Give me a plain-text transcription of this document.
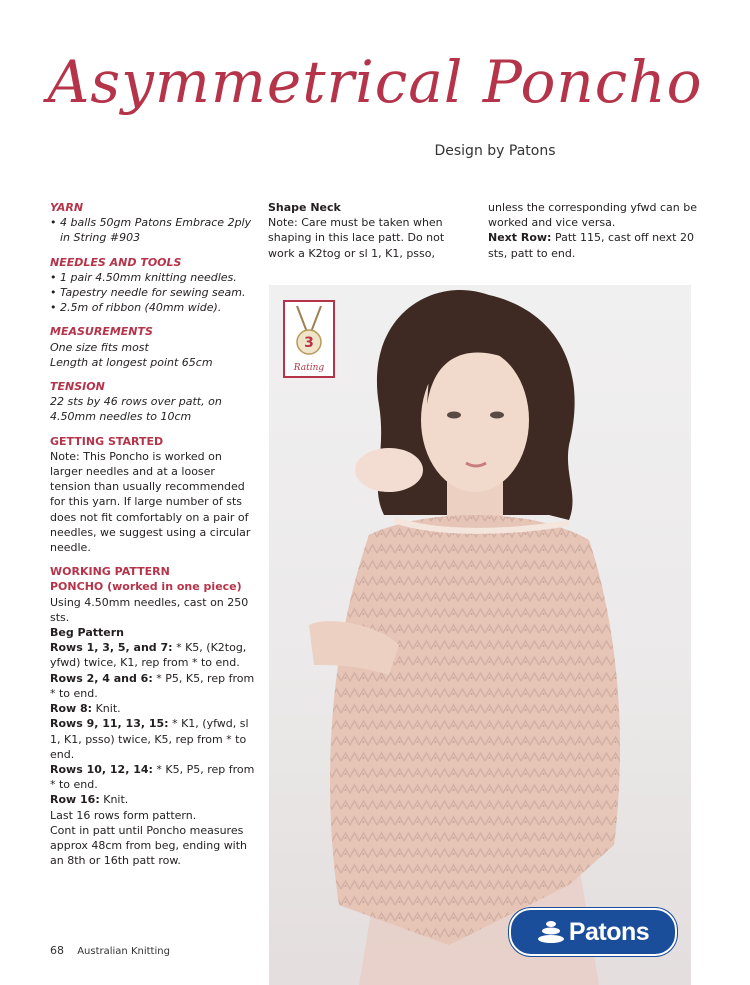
Asymmetrical Poncho
Design by Patons
YARN
• 4 balls 50gm Patons Embrace 2ply in String #903
NEEDLES AND TOOLS
• 1 pair 4.50mm knitting needles.
• Tapestry needle for sewing seam.
• 2.5m of ribbon (40mm wide).
MEASUREMENTS
One size fits most
Length at longest point 65cm
TENSION
22 sts by 46 rows over patt, on 4.50mm needles to 10cm
GETTING STARTED
Note: This Poncho is worked on larger needles and at a looser tension than usually recommended for this yarn. If large number of sts does not fit comfortably on a pair of needles, we suggest using a circular needle.
WORKING PATTERN
PONCHO (worked in one piece)
Using 4.50mm needles, cast on 250 sts.
Beg Pattern
Rows 1, 3, 5, and 7: * K5, (K2tog, yfwd) twice, K1, rep from * to end.
Rows 2, 4 and 6: * P5, K5, rep from * to end.
Row 8: Knit.
Rows 9, 11, 13, 15: * K1, (yfwd, sl 1, K1, psso) twice, K5, rep from * to end.
Rows 10, 12, 14: * K5, P5, rep from * to end.
Row 16: Knit.
Last 16 rows form pattern.
Cont in patt until Poncho measures approx 48cm from beg, ending with an 8th or 16th patt row.
Shape Neck
Note: Care must be taken when shaping in this lace patt. Do not work a K2tog or sl 1, K1, psso,
unless the corresponding yfwd can be worked and vice versa.
Next Row: Patt 115, cast off next 20 sts, patt to end.
3
Rating
Patons
68 Australian Knitting
